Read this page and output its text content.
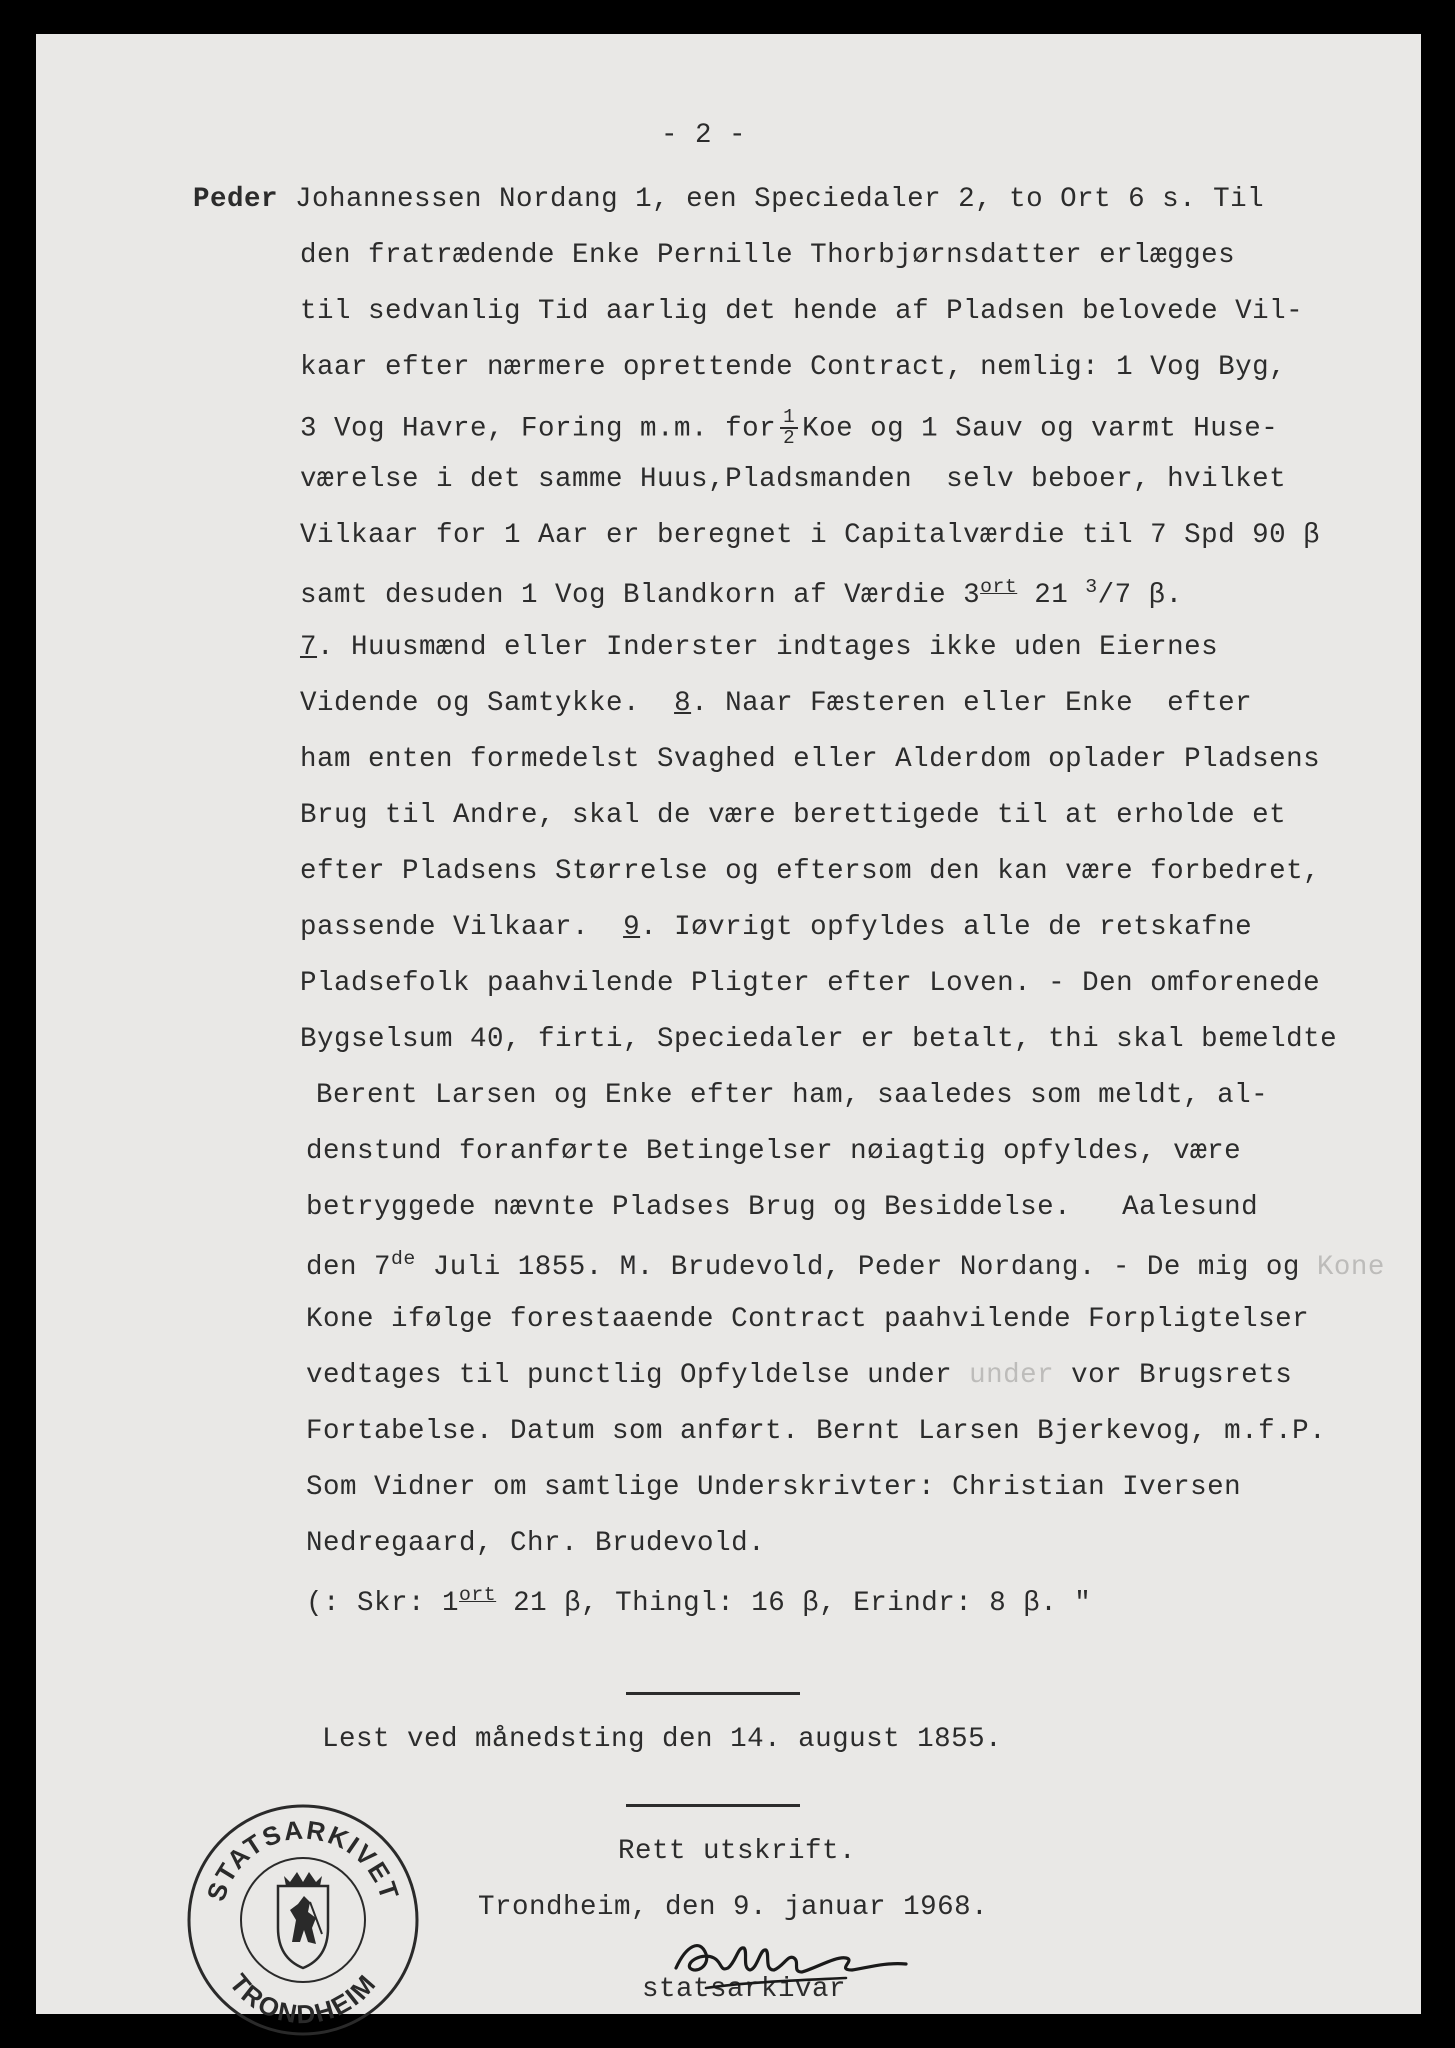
- 2 -

Peder Johannessen Nordang 1, een Speciedaler 2, to Ort 6 s. Til

den fratrædende Enke Pernille Thorbjørnsdatter erlægges

til sedvanlig Tid aarlig det hende af Pladsen belovede Vil-

kaar efter nærmere oprettende Contract, nemlig: 1 Vog Byg,

3 Vog Havre, Foring m.m. for $\frac{1}{2}$ Koe og 1 Sauv og varmt Huse-

værelse i det samme Huus,Pladsmanden selv beboer, hvilket

Vilkaar for 1 Aar er beregnet i Capitalværdie til 7 Spd 90 β

samt desuden 1 Vog Blandkorn af Værdie $3^{ort}$ 21 $^3$/7 β.

7. Huusmænd eller Inderster indtages ikke uden Eiernes

Vidende og Samtykke.  8. Naar Fæsteren eller Enke  efter

ham enten formedelst Svaghed eller Alderdom oplader Pladsens

Brug til Andre, skal de være berettigede til at erholde et

efter Pladsens Størrelse og eftersom den kan være forbedret,

passende Vilkaar.  9. Iøvrigt opfyldes alle de retskafne

Pladsefolk paahvilende Pligter efter Loven. - Den omforenede

Bygselsum 40, firti, Speciedaler er betalt, thi skal bemeldte

Berent Larsen og Enke efter ham, saaledes som meldt, al-

denstund foranførte Betingelser nøiagtig opfyldes, være

betryggede nævnte Pladses Brug og Besiddelse.   Aalesund

den 7de Juli 1855. M. Brudevold, Peder Nordang. - De mig og Kone

Kone ifølge forestaaende Contract paahvilende Forpligtelser

vedtages til punctlig Opfyldelse under under vor Brugsrets

Fortabelse. Datum som anført. Bernt Larsen Bjerkevog, m.f.P.

Som Vidner om samtlige Underskrivter: Christian Iversen

Nedregaard, Chr. Brudevold.

(: Skr: $1^{ort}$ 21 β, Thingl: 16 β, Erindr: 8 β. "

Lest ved månedsting den 14. august 1855.

Rett utskrift.

Trondheim, den 9. januar 1968.

statsarkivar

STATSARKIVET
TRONDHEIM
